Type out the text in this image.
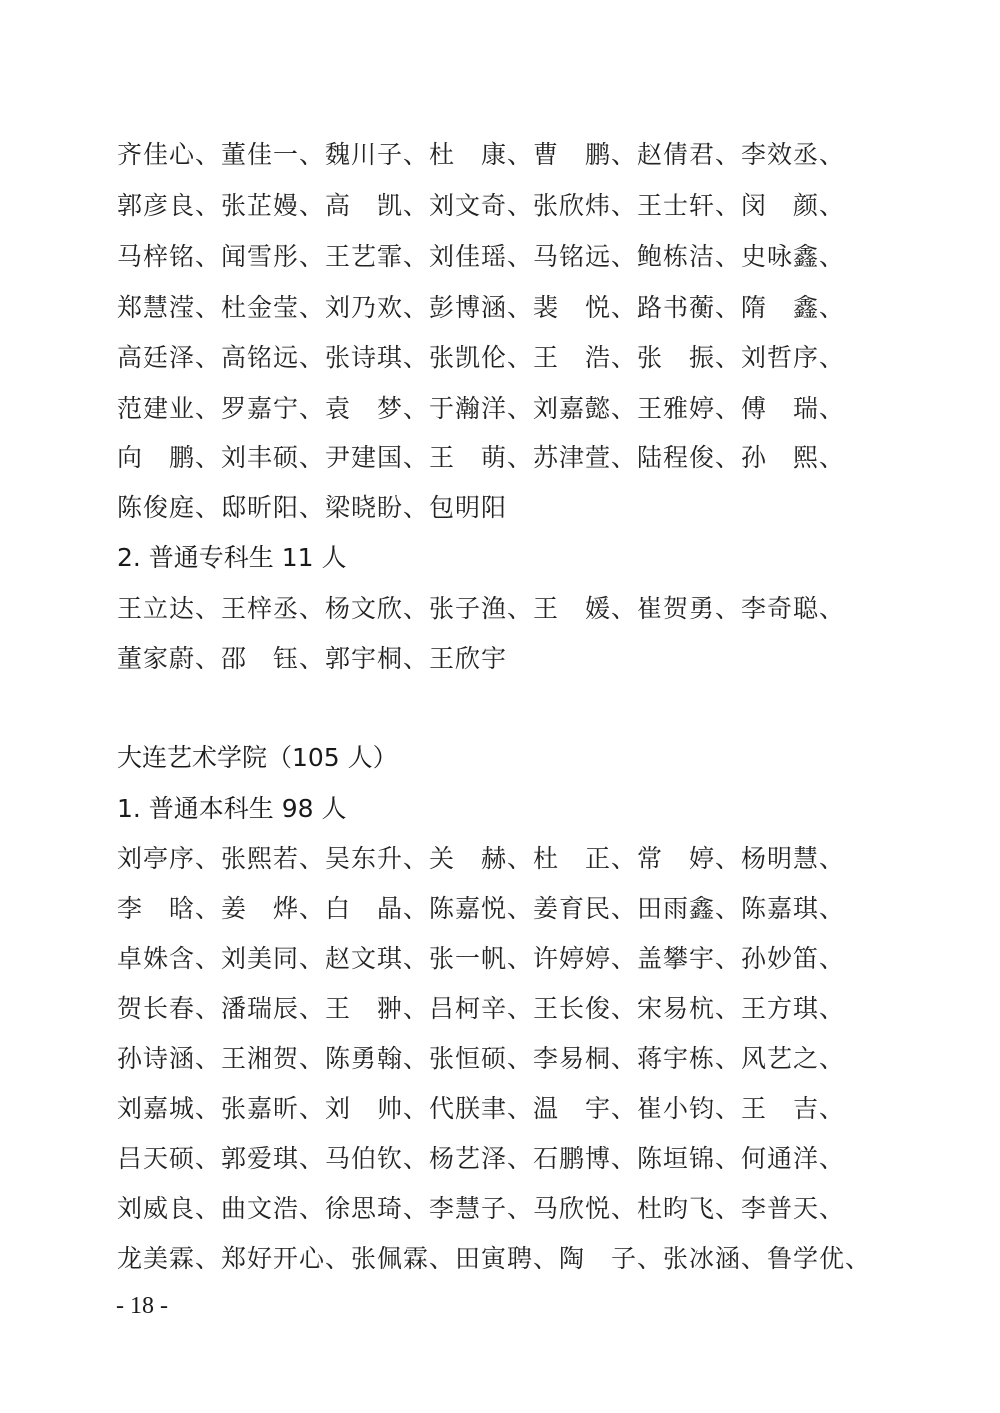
齐佳心、董佳一、魏川子、杜　康、曹　鹏、赵倩君、李效丞、
郭彦良、张芷嫚、高　凯、刘文奇、张欣炜、王士轩、闵　颜、
马梓铭、闻雪彤、王艺霏、刘佳瑶、马铭远、鲍栋洁、史咏鑫、
郑慧滢、杜金莹、刘乃欢、彭博涵、裴　悦、路书蘅、隋　鑫、
高廷泽、高铭远、张诗琪、张凯伦、王　浩、张　振、刘哲序、
范建业、罗嘉宁、袁　梦、于瀚洋、刘嘉懿、王雅婷、傅　瑞、
向　鹏、刘丰硕、尹建国、王　萌、苏津萱、陆程俊、孙　熙、
陈俊庭、邸昕阳、梁晓盼、包明阳
2. 普通专科生 11 人
王立达、王梓丞、杨文欣、张子渔、王　媛、崔贺勇、李奇聪、
董家蔚、邵　钰、郭宇桐、王欣宇
大连艺术学院（105 人）
1. 普通本科生 98 人
刘亭序、张熙若、吴东升、关　赫、杜　正、常　婷、杨明慧、
李　晗、姜　烨、白　晶、陈嘉悦、姜育民、田雨鑫、陈嘉琪、
卓姝含、刘美同、赵文琪、张一帆、许婷婷、盖攀宇、孙妙笛、
贺长春、潘瑞辰、王　翀、吕柯辛、王长俊、宋易杭、王方琪、
孙诗涵、王湘贺、陈勇翰、张恒硕、李易桐、蒋宇栋、风艺之、
刘嘉城、张嘉昕、刘　帅、代朕聿、温　宇、崔小钧、王　吉、
吕天硕、郭爱琪、马伯钦、杨艺泽、石鹏博、陈垣锦、何通洋、
刘威良、曲文浩、徐思琦、李慧子、马欣悦、杜昀飞、李普天、
龙美霖、郑好开心、张佩霖、田寅聘、陶　子、张冰涵、鲁学优、
- 18 -
